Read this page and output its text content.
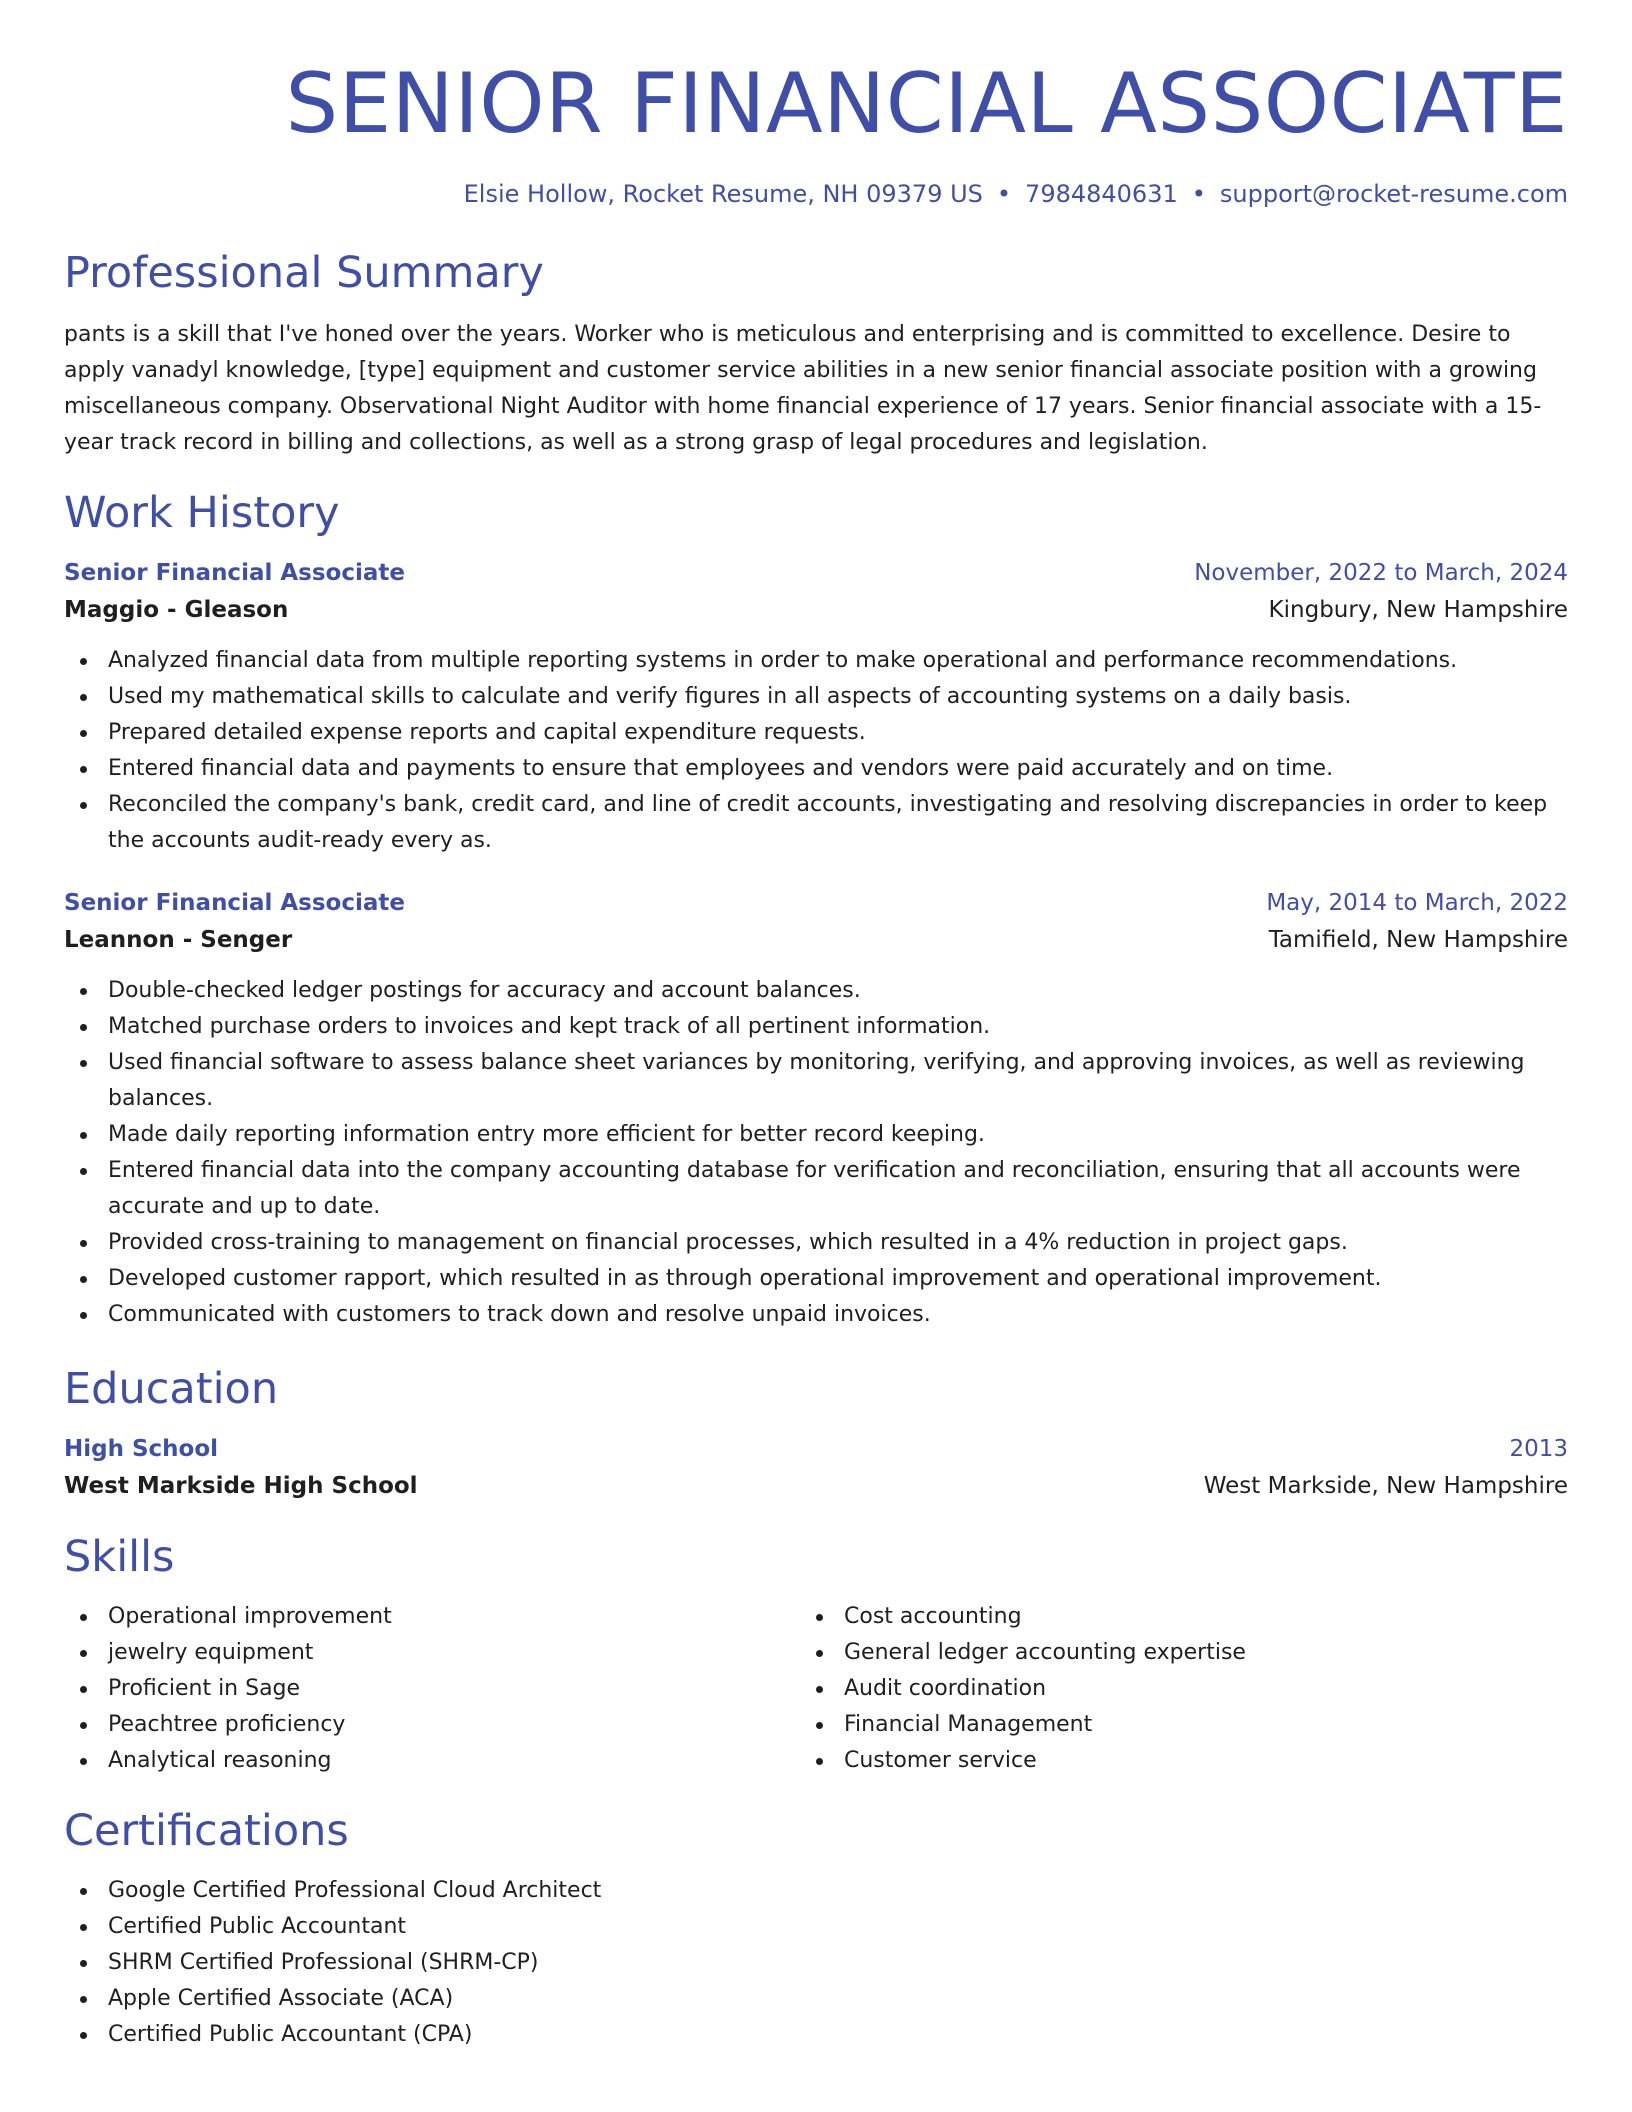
SENIOR FINANCIAL ASSOCIATE
Elsie Hollow, Rocket Resume, NH 09379 US • 7984840631 • support@rocket-resume.com
Professional Summary
pants is a skill that I've honed over the years. Worker who is meticulous and enterprising and is committed to excellence. Desire to apply vanadyl knowledge, [type] equipment and customer service abilities in a new senior financial associate position with a growing miscellaneous company. Observational Night Auditor with home financial experience of 17 years. Senior financial associate with a 15-year track record in billing and collections, as well as a strong grasp of legal procedures and legislation.
Work History
Senior Financial Associate	November, 2022 to March, 2024
Maggio - Gleason	Kingbury, New Hampshire
Analyzed financial data from multiple reporting systems in order to make operational and performance recommendations.
Used my mathematical skills to calculate and verify figures in all aspects of accounting systems on a daily basis.
Prepared detailed expense reports and capital expenditure requests.
Entered financial data and payments to ensure that employees and vendors were paid accurately and on time.
Reconciled the company's bank, credit card, and line of credit accounts, investigating and resolving discrepancies in order to keep the accounts audit-ready every as.
Senior Financial Associate	May, 2014 to March, 2022
Leannon - Senger	Tamifield, New Hampshire
Double-checked ledger postings for accuracy and account balances.
Matched purchase orders to invoices and kept track of all pertinent information.
Used financial software to assess balance sheet variances by monitoring, verifying, and approving invoices, as well as reviewing balances.
Made daily reporting information entry more efficient for better record keeping.
Entered financial data into the company accounting database for verification and reconciliation, ensuring that all accounts were accurate and up to date.
Provided cross-training to management on financial processes, which resulted in a 4% reduction in project gaps.
Developed customer rapport, which resulted in as through operational improvement and operational improvement.
Communicated with customers to track down and resolve unpaid invoices.
Education
High School	2013
West Markside High School	West Markside, New Hampshire
Skills
Operational improvement
jewelry equipment
Proficient in Sage
Peachtree proficiency
Analytical reasoning
Cost accounting
General ledger accounting expertise
Audit coordination
Financial Management
Customer service
Certifications
Google Certified Professional Cloud Architect
Certified Public Accountant
SHRM Certified Professional (SHRM-CP)
Apple Certified Associate (ACA)
Certified Public Accountant (CPA)
